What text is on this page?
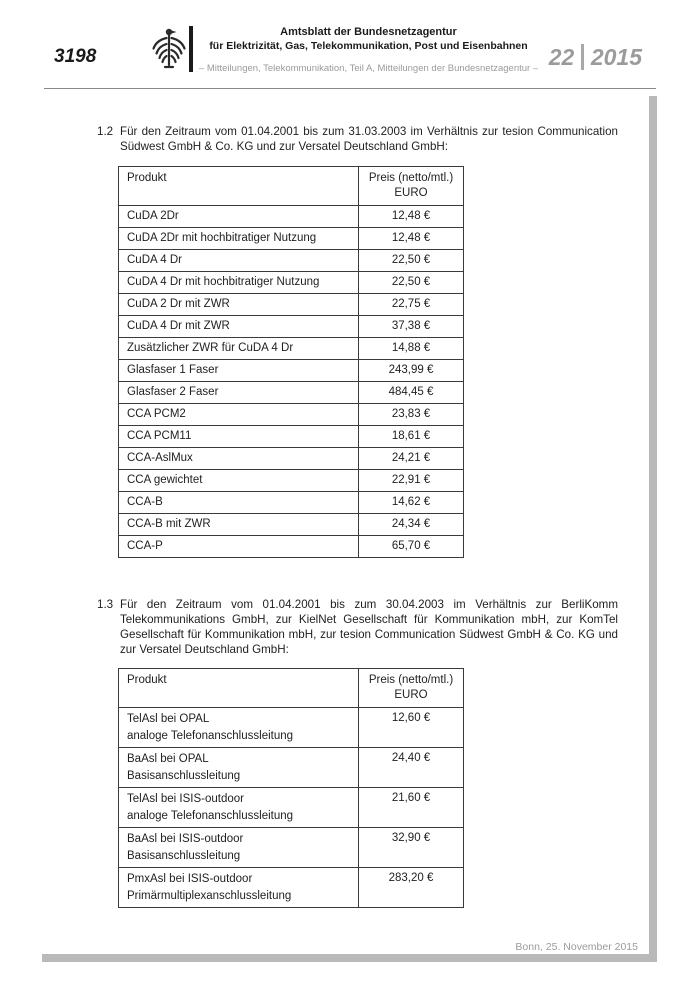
3198
Amtsblatt der Bundesnetzagentur
für Elektrizität, Gas, Telekommunikation, Post und Eisenbahnen
– Mitteilungen, Telekommunikation, Teil A, Mitteilungen der Bundesnetzagentur – 22 2015
1.2 Für den Zeitraum vom 01.04.2001 bis zum 31.03.2003 im Verhältnis zur tesion Communication Südwest GmbH & Co. KG und zur Versatel Deutschland GmbH:
Produkt	Preis (netto/mtl.)
EURO

CuDA 2Dr	12,48 €
CuDA 2Dr mit hochbitratiger Nutzung	12,48 €
CuDA 4 Dr	22,50 €
CuDA 4 Dr mit hochbitratiger Nutzung	22,50 €
CuDA 2 Dr mit ZWR	22,75 €
CuDA 4 Dr mit ZWR	37,38 €
Zusätzlicher ZWR für CuDA 4 Dr	14,88 €
Glasfaser 1 Faser	243,99 €
Glasfaser 2 Faser	484,45 €
CCA PCM2	23,83 €
CCA PCM11	18,61 €
CCA-AslMux	24,21 €
CCA gewichtet	22,91 €
CCA-B	14,62 €
CCA-B mit ZWR	24,34 €
CCA-P	65,70 €
1.3 Für den Zeitraum vom 01.04.2001 bis zum 30.04.2003 im Verhältnis zur BerliKomm Telekommunikations GmbH, zur KielNet Gesellschaft für Kommunikation mbH, zur KomTel Gesellschaft für Kommunikation mbH, zur tesion Communication Südwest GmbH & Co. KG und zur Versatel Deutschland GmbH:
Produkt	Preis (netto/mtl.)
EURO

TelAsl bei OPAL
analoge Telefonanschlussleitung	12,60 €

BaAsl bei OPAL
Basisanschlussleitung	24,40 €

TelAsl bei ISIS-outdoor
analoge Telefonanschlussleitung	21,60 €

BaAsl bei ISIS-outdoor
Basisanschlussleitung	32,90 €

PmxAsl bei ISIS-outdoor
Primärmultiplexanschlussleitung	283,20 €
Bonn, 25. November 2015
